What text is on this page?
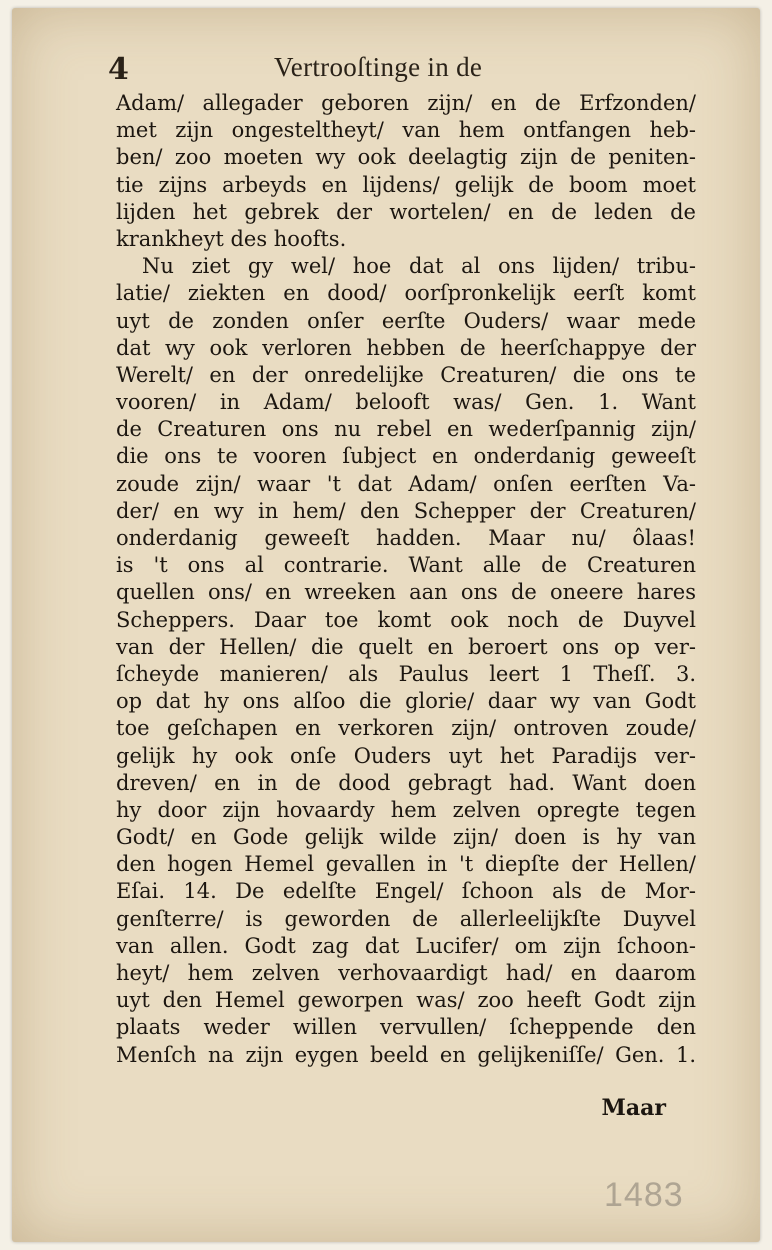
4	Vertrooſtinge in de
Adam/ allegader geboren zijn/ en de Erfzonden/
met zijn ongesteltheyt/ van hem ontfangen heb-
ben/ zoo moeten wy ook deelagtig zijn de peniten-
tie zijns arbeyds en lijdens/ gelijk de boom moet
lijden het gebrek der wortelen/ en de leden de
krankheyt des hoofts.
Nu ziet gy wel/ hoe dat al ons lijden/ tribu-
latie/ ziekten en dood/ oorſpronkelijk eerſt komt
uyt de zonden onſer eerſte Ouders/ waar mede
dat wy ook verloren hebben de heerſchappye der
Werelt/ en der onredelijke Creaturen/ die ons te
vooren/ in Adam/ belooft was/ Gen. 1. Want
de Creaturen ons nu rebel en wederſpannig zijn/
die ons te vooren ſubject en onderdanig geweeſt
zoude zijn/ waar 't dat Adam/ onſen eerſten Va-
der/ en wy in hem/ den Schepper der Creaturen/
onderdanig geweeſt hadden. Maar nu/ ôlaas!
is 't ons al contrarie. Want alle de Creaturen
quellen ons/ en wreeken aan ons de oneere hares
Scheppers. Daar toe komt ook noch de Duyvel
van der Hellen/ die quelt en beroert ons op ver-
ſcheyde manieren/ als Paulus leert 1 Theſſ. 3.
op dat hy ons alſoo die glorie/ daar wy van Godt
toe geſchapen en verkoren zijn/ ontroven zoude/
gelijk hy ook onſe Ouders uyt het Paradijs ver-
dreven/ en in de dood gebragt had. Want doen
hy door zijn hovaardy hem zelven opregte tegen
Godt/ en Gode gelijk wilde zijn/ doen is hy van
den hogen Hemel gevallen in 't diepſte der Hellen/
Eſai. 14. De edelſte Engel/ ſchoon als de Mor-
genſterre/ is geworden de allerleelijkſte Duyvel
van allen. Godt zag dat Lucifer/ om zijn ſchoon-
heyt/ hem zelven verhovaardigt had/ en daarom
uyt den Hemel geworpen was/ zoo heeft Godt zijn
plaats weder willen vervullen/ ſcheppende den
Menſch na zijn eygen beeld en gelijkeniſſe/ Gen. 1.
Maar
1483
